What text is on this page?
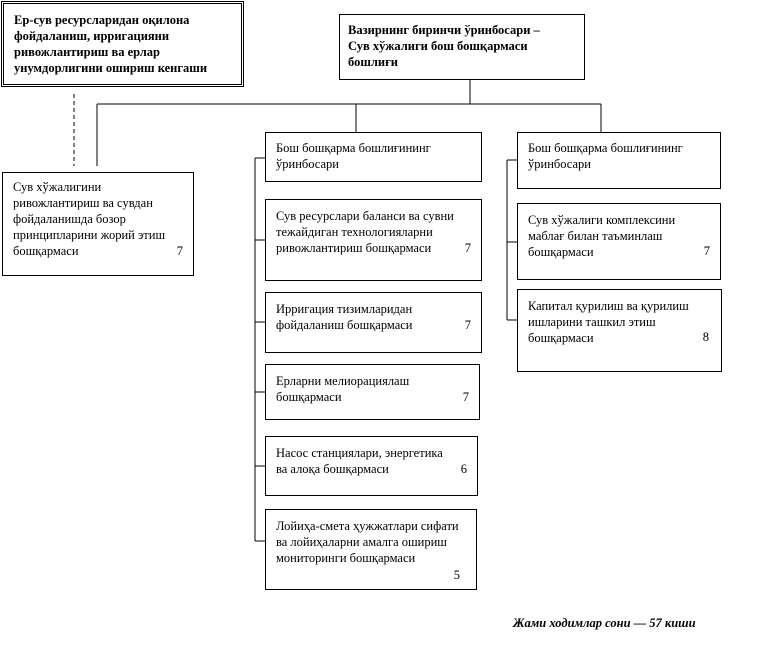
Ер-сув ресурсларидан оқилона
фойдаланиш, ирригацияни
ривожлантириш ва ерлар
унумдорлигини ошириш кенгаши
Вазирнинг биринчи ўринбосари –
Сув хўжалиги бош бошқармаси
бошлиғи
Сув хўжалигини
ривожлантириш ва сувдан
фойдаланишда бозор
принципларини жорий этиш
бошқармаси	7
Бош бошқарма бошлиғининг
ўринбосари
Бош бошқарма бошлиғининг
ўринбосари
Сув ресурслари баланси ва сувни
тежайдиган технологияларни
ривожлантириш бошқармаси	7
Ирригация тизимларидан
фойдаланиш бошқармаси	7
Ерларни мелиорациялаш
бошқармаси	7
Насос станциялари, энергетика
ва алоқа бошқармаси	6
Лойиҳа-смета ҳужжатлари сифати
ва лойиҳаларни амалга ошириш
мониторинги бошқармаси
5
Сув хўжалиги комплексини
маблағ билан таъминлаш
бошқармаси	7
Капитал қурилиш ва қурилиш
ишларини ташкил этиш
бошқармаси	8
Жами ходимлар сони — 57 киши
